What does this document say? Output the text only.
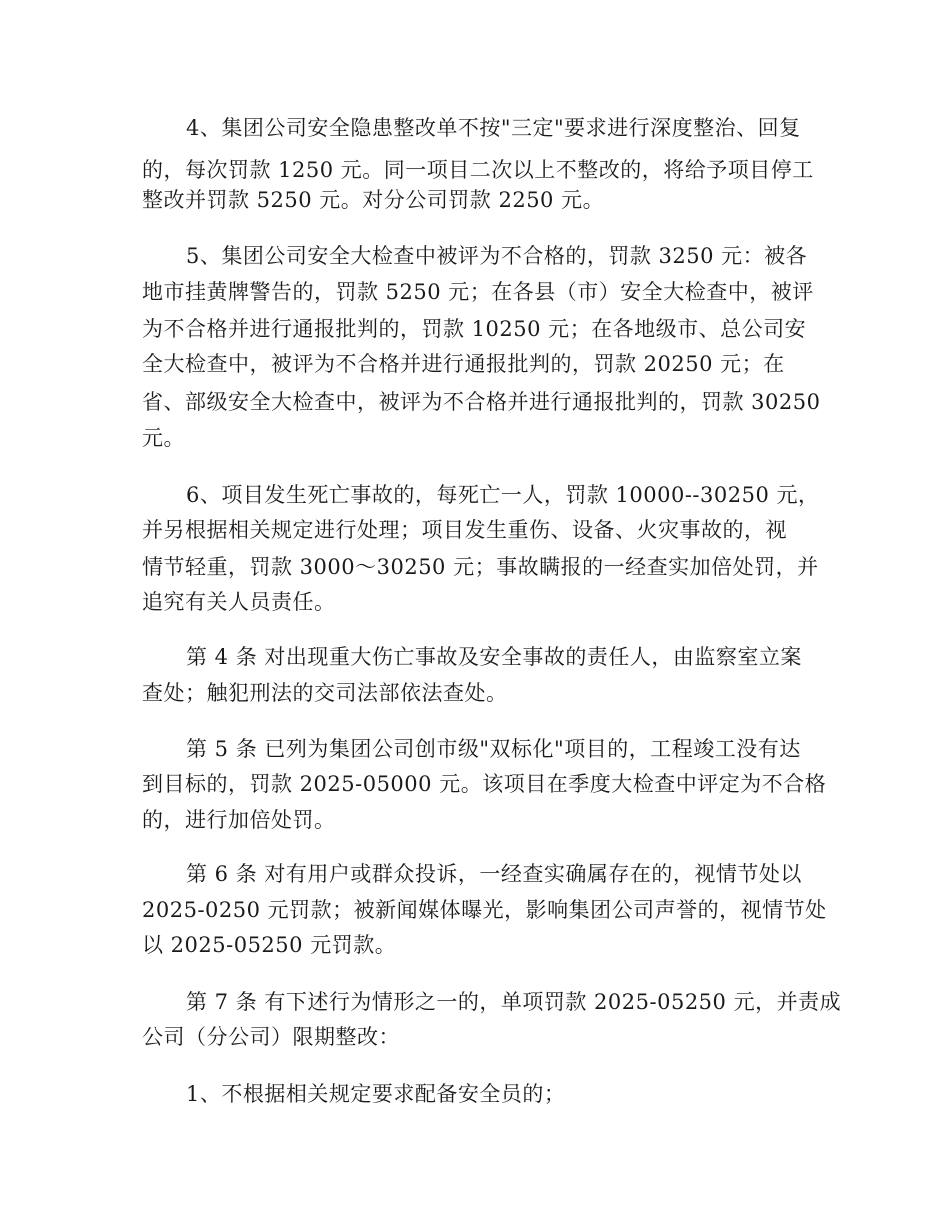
4、集团公司安全隐患整改单不按"三定"要求进行深度整治、回复
的，每次罚款 1250 元。同一项目二次以上不整改的，将给予项目停工
整改并罚款 5250 元。对分公司罚款 2250 元。
5、集团公司安全大检查中被评为不合格的，罚款 3250 元：被各
地市挂黄牌警告的，罚款 5250 元；在各县（市）安全大检查中，被评
为不合格并进行通报批判的，罚款 10250 元；在各地级市、总公司安
全大检查中，被评为不合格并进行通报批判的，罚款 20250 元；在
省、部级安全大检查中，被评为不合格并进行通报批判的，罚款 30250
元。
6、项目发生死亡事故的，每死亡一人，罚款 10000--30250 元，
并另根据相关规定进行处理；项目发生重伤、设备、火灾事故的，视
情节轻重，罚款 3000～30250 元；事故瞒报的一经查实加倍处罚，并
追究有关人员责任。
第 4 条 对出现重大伤亡事故及安全事故的责任人，由监察室立案
查处；触犯刑法的交司法部依法查处。
第 5 条 已列为集团公司创市级"双标化"项目的，工程竣工没有达
到目标的，罚款 2025-05000 元。该项目在季度大检查中评定为不合格
的，进行加倍处罚。
第 6 条 对有用户或群众投诉，一经查实确属存在的，视情节处以
2025-0250 元罚款；被新闻媒体曝光，影响集团公司声誉的，视情节处
以 2025-05250 元罚款。
第 7 条 有下述行为情形之一的，单项罚款 2025-05250 元，并责成
公司（分公司）限期整改：
1、不根据相关规定要求配备安全员的；
